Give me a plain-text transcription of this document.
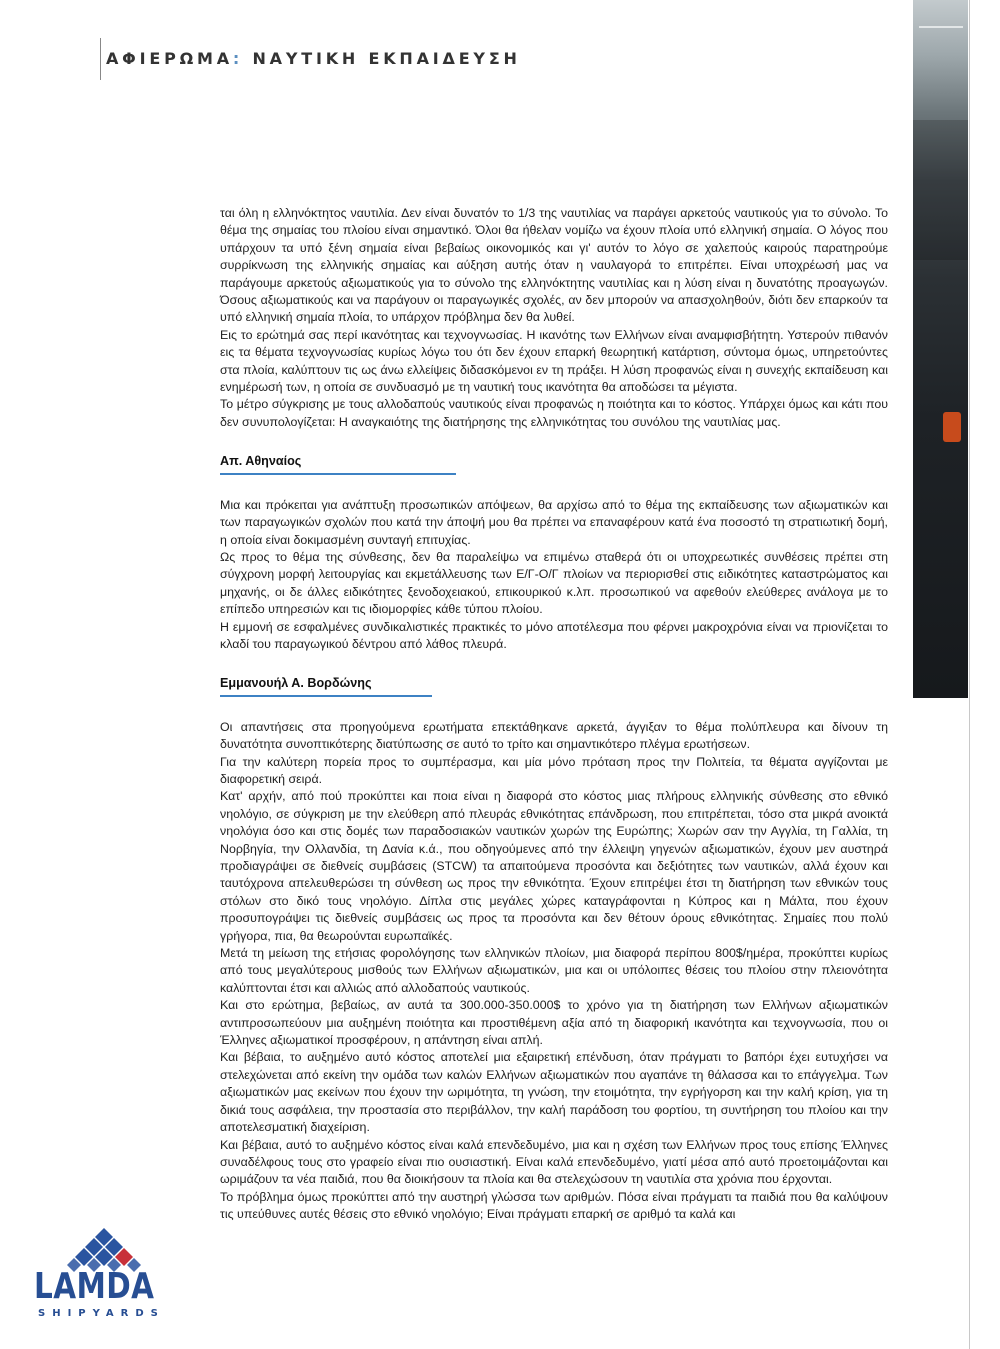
ΑΦΙΕΡΩΜΑ: ΝΑΥΤΙΚΗ ΕΚΠΑΙΔΕΥΣΗ

ται όλη η ελληνόκτητος ναυτιλία. Δεν είναι δυνατόν το 1/3 της ναυτιλίας να παράγει αρκετούς ναυτικούς για το σύνολο. Το θέμα της σημαίας του πλοίου είναι σημαντικό. Όλοι θα ήθελαν νομίζω να έχουν πλοία υπό ελληνική σημαία. Ο λόγος που υπάρχουν τα υπό ξένη σημαία είναι βεβαίως οικονομικός και γι' αυτόν το λόγο σε χαλεπούς καιρούς παρατηρούμε συρρίκνωση της ελληνικής σημαίας και αύξηση αυτής όταν η ναυλαγορά το επιτρέπει. Είναι υποχρέωσή μας να παράγουμε αρκετούς αξιωματικούς για το σύνολο της ελληνόκτητης ναυτιλίας και η λύση είναι η δυνατότης προαγωγών. Όσους αξιωματικούς και να παράγουν οι παραγωγικές σχολές, αν δεν μπορούν να απασχοληθούν, διότι δεν επαρκούν τα υπό ελληνική σημαία πλοία, το υπάρχον πρόβλημα δεν θα λυθεί.

Εις το ερώτημά σας περί ικανότητας και τεχνογνωσίας. Η ικανότης των Ελλήνων είναι αναμφισβήτητη. Υστερούν πιθανόν εις τα θέματα τεχνογνωσίας κυρίως λόγω του ότι δεν έχουν επαρκή θεωρητική κατάρτιση, σύντομα όμως, υπηρετούντες στα πλοία, καλύπτουν τις ως άνω ελλείψεις διδασκόμενοι εν τη πράξει. Η λύση προφανώς είναι η συνεχής εκπαίδευση και ενημέρωσή των, η οποία σε συνδυασμό με τη ναυτική τους ικανότητα θα αποδώσει τα μέγιστα.

Το μέτρο σύγκρισης με τους αλλοδαπούς ναυτικούς είναι προφανώς η ποιότητα και το κόστος. Υπάρχει όμως και κάτι που δεν συνυπολογίζεται: Η αναγκαιότης της διατήρησης της ελληνικότητας του συνόλου της ναυτιλίας μας.

Απ. Αθηναίος

Μια και πρόκειται για ανάπτυξη προσωπικών απόψεων, θα αρχίσω από το θέμα της εκπαίδευσης των αξιωματικών και των παραγωγικών σχολών που κατά την άποψή μου θα πρέπει να επαναφέρουν κατά ένα ποσοστό τη στρατιωτική δομή, η οποία είναι δοκιμασμένη συνταγή επιτυχίας.

Ως προς το θέμα της σύνθεσης, δεν θα παραλείψω να επιμένω σταθερά ότι οι υποχρεωτικές συνθέσεις πρέπει στη σύγχρονη μορφή λειτουργίας και εκμετάλλευσης των Ε/Γ-Ο/Γ πλοίων να περιορισθεί στις ειδικότητες καταστρώματος και μηχανής, οι δε άλλες ειδικότητες ξενοδοχειακού, επικουρικού κ.λπ. προσωπικού να αφεθούν ελεύθερες ανάλογα με το επίπεδο υπηρεσιών και τις ιδιομορφίες κάθε τύπου πλοίου.

Η εμμονή σε εσφαλμένες συνδικαλιστικές πρακτικές το μόνο αποτέλεσμα που φέρνει μακροχρόνια είναι να πριονίζεται το κλαδί του παραγωγικού δέντρου από λάθος πλευρά.

Εμμανουήλ Α. Βορδώνης

Οι απαντήσεις στα προηγούμενα ερωτήματα επεκτάθηκανε αρκετά, άγγιξαν το θέμα πολύπλευρα και δίνουν τη δυνατότητα συνοπτικότερης διατύπωσης σε αυτό το τρίτο και σημαντικότερο πλέγμα ερωτήσεων.

Για την καλύτερη πορεία προς το συμπέρασμα, και μία μόνο πρόταση προς την Πολιτεία, τα θέματα αγγίζονται με διαφορετική σειρά.

Κατ' αρχήν, από πού προκύπτει και ποια είναι η διαφορά στο κόστος μιας πλήρους ελληνικής σύνθεσης στο εθνικό νηολόγιο, σε σύγκριση με την ελεύθερη από πλευράς εθνικότητας επάνδρωση, που επιτρέπεται, τόσο στα μικρά ανοικτά νηολόγια όσο και στις δομές των παραδοσιακών ναυτικών χωρών της Ευρώπης; Χωρών σαν την Αγγλία, τη Γαλλία, τη Νορβηγία, την Ολλανδία, τη Δανία κ.ά., που οδηγούμενες από την έλλειψη γηγενών αξιωματικών, έχουν μεν αυστηρά προδιαγράψει σε διεθνείς συμβάσεις (STCW) τα απαιτούμενα προσόντα και δεξιότητες των ναυτικών, αλλά έχουν και ταυτόχρονα απελευθερώσει τη σύνθεση ως προς την εθνικότητα. Έχουν επιτρέψει έτσι τη διατήρηση των εθνικών τους στόλων στο δικό τους νηολόγιο. Δίπλα στις μεγάλες χώρες καταγράφονται η Κύπρος και η Μάλτα, που έχουν προσυπογράψει τις διεθνείς συμβάσεις ως προς τα προσόντα και δεν θέτουν όρους εθνικότητας. Σημαίες που πολύ γρήγορα, πια, θα θεωρούνται ευρωπαϊκές.

Μετά τη μείωση της ετήσιας φορολόγησης των ελληνικών πλοίων, μια διαφορά περίπου 800$/ημέρα, προκύπτει κυρίως από τους μεγαλύτερους μισθούς των Ελλήνων αξιωματικών, μια και οι υπόλοιπες θέσεις του πλοίου στην πλειονότητα καλύπτονται έτσι και αλλιώς από αλλοδαπούς ναυτικούς.

Και στο ερώτημα, βεβαίως, αν αυτά τα 300.000-350.000$ το χρόνο για τη διατήρηση των Ελλήνων αξιωματικών αντιπροσωπεύουν μια αυξημένη ποιότητα και προστιθέμενη αξία από τη διαφορική ικανότητα και τεχνογνωσία, που οι Έλληνες αξιωματικοί προσφέρουν, η απάντηση είναι απλή.

Και βέβαια, το αυξημένο αυτό κόστος αποτελεί μια εξαιρετική επένδυση, όταν πράγματι το βαπόρι έχει ευτυχήσει να στελεχώνεται από εκείνη την ομάδα των καλών Ελλήνων αξιωματικών που αγαπάνε τη θάλασσα και το επάγγελμα. Των αξιωματικών μας εκείνων που έχουν την ωριμότητα, τη γνώση, την ετοιμότητα, την εγρήγορση και την καλή κρίση, για τη δικιά τους ασφάλεια, την προστασία στο περιβάλλον, την καλή παράδοση του φορτίου, τη συντήρηση του πλοίου και την αποτελεσματική διαχείριση.

Και βέβαια, αυτό το αυξημένο κόστος είναι καλά επενδεδυμένο, μια και η σχέση των Ελλήνων προς τους επίσης Έλληνες συναδέλφους τους στο γραφείο είναι πιο ουσιαστική. Είναι καλά επενδεδυμένο, γιατί μέσα από αυτό προετοιμάζονται και ωριμάζουν τα νέα παιδιά, που θα διοικήσουν τα πλοία και θα στελεχώσουν τη ναυτιλία στα χρόνια που έρχονται.

Το πρόβλημα όμως προκύπτει από την αυστηρή γλώσσα των αριθμών. Πόσα είναι πράγματι τα παιδιά που θα καλύψουν τις υπεύθυνες αυτές θέσεις στο εθνικό νηολόγιο; Είναι πράγματι επαρκή σε αριθμό τα καλά και

LAMDA
SHIPYARDS
